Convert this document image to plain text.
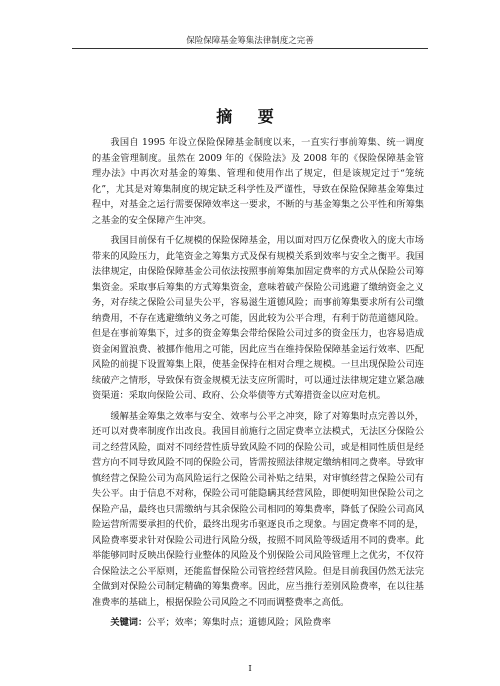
保险保障基金筹集法律制度之完善
摘 要

我国自 1995 年设立保险保障基金制度以来，一直实行事前筹集、统一调度的基金管理制度。虽然在 2009 年的《保险法》及 2008 年的《保险保障基金管理办法》中再次对基金的筹集、管理和使用作出了规定，但是该规定过于“笼统化”，尤其是对筹集制度的规定缺乏科学性及严谨性，导致在保险保障基金筹集过程中，对基金之运行需要保障效率这一要求，不断的与基金筹集之公平性和所筹集之基金的安全保障产生冲突。

我国目前保有千亿规模的保险保障基金，用以面对四万亿保费收入的庞大市场带来的风险压力，此笔资金之筹集方式及保有规模关系到效率与安全之衡平。我国法律规定，由保险保障基金公司依法按照事前筹集加固定费率的方式从保险公司筹集资金。采取事后筹集的方式筹集资金，意味着破产保险公司逃避了缴纳资金之义务，对存续之保险公司显失公平，容易滋生道德风险；而事前筹集要求所有公司缴纳费用，不存在逃避缴纳义务之可能，因此较为公平合理，有利于防范道德风险。但是在事前筹集下，过多的资金筹集会带给保险公司过多的资金压力，也容易造成资金闲置浪费、被挪作他用之可能，因此应当在维持保险保障基金运行效率、匹配风险的前提下设置筹集上限，使基金保持在相对合理之规模。一旦出现保险公司连续破产之情形，导致保有资金规模无法支应所需时，可以通过法律规定建立紧急融资渠道：采取向保险公司、政府、公众举债等方式筹措资金以应对危机。

缓解基金筹集之效率与安全、效率与公平之冲突，除了对筹集时点完善以外，还可以对费率制度作出改良。我国目前施行之固定费率立法模式，无法区分保险公司之经营风险，面对不同经营性质导致风险不同的保险公司，或是相同性质但是经营方向不同导致风险不同的保险公司，皆需按照法律规定缴纳相同之费率。导致审慎经营之保险公司为高风险运行之保险公司补贴之结果，对审慎经营之保险公司有失公平。由于信息不对称，保险公司可能隐瞒其经营风险，即便明知世保险公司之保险产品，最终也只需缴纳与其余保险公司相同的筹集费率，降低了保险公司高风险运营所需要承担的代价，最终出现劣币驱逐良币之现象。与固定费率不同的是，风险费率要求针对保险公司进行风险分级，按照不同风险等级适用不同的费率。此举能够同时反映出保险行业整体的风险及个别保险公司风险管理上之优劣，不仅符合保险法之公平原则，还能监督保险公司管控经营风险。但是目前我国仍然无法完全做到对保险公司制定精确的筹集费率。因此，应当推行差别风险费率，在以往基准费率的基础上，根据保险公司风险之不同而调整费率之高低。

关键词：公平；效率；筹集时点；道德风险；风险费率
I
